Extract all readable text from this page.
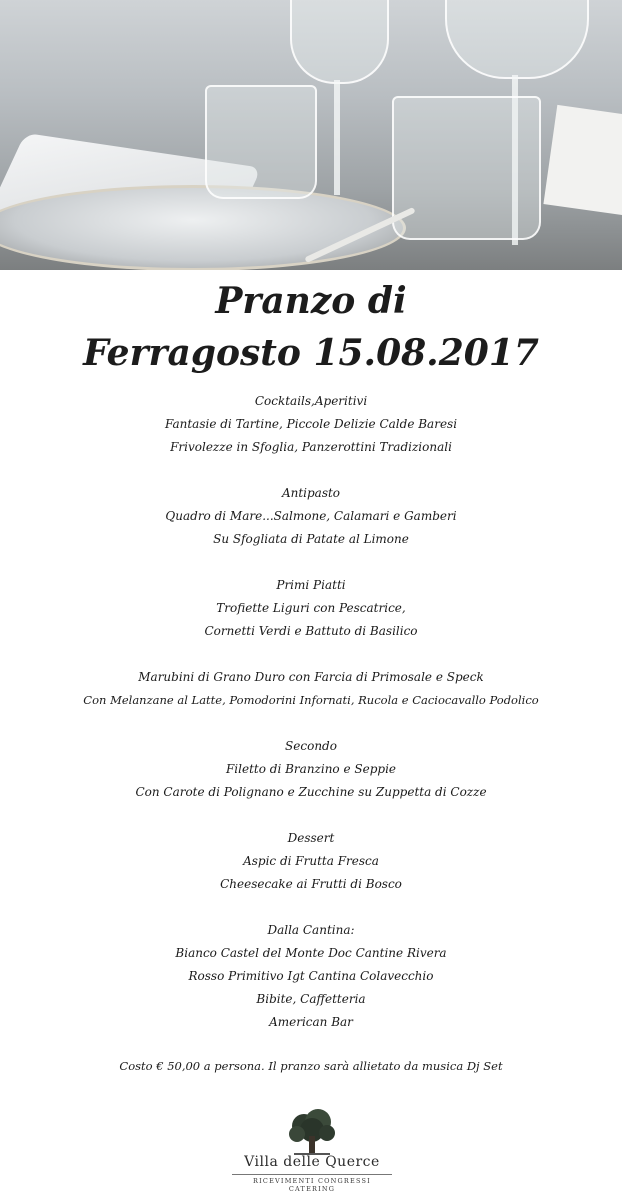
Pranzo di
Ferragosto 15.08.2017
Cocktails,Aperitivi
Fantasie di Tartine, Piccole Delizie Calde Baresi
Frivolezze in Sfoglia, Panzerottini Tradizionali
Antipasto
Quadro di Mare...Salmone, Calamari e Gamberi
Su Sfogliata di Patate al Limone
Primi Piatti
Trofiette Liguri con Pescatrice,
Cornetti Verdi e Battuto di Basilico
Marubini di Grano Duro con Farcia di Primosale e Speck
Con Melanzane al Latte, Pomodorini Infornati, Rucola e Caciocavallo Podolico
Secondo
Filetto di Branzino e Seppie
Con Carote di Polignano e Zucchine su Zuppetta di Cozze
Dessert
Aspic di Frutta Fresca
Cheesecake ai Frutti di Bosco
Dalla Cantina:
Bianco Castel del Monte Doc Cantine Rivera
Rosso Primitivo Igt Cantina Colavecchio
Bibite, Caffetteria
American Bar
Costo € 50,00 a persona. Il pranzo sarà allietato da musica Dj Set
Villa delle Querce
RICEVIMENTI CONGRESSI CATERING
